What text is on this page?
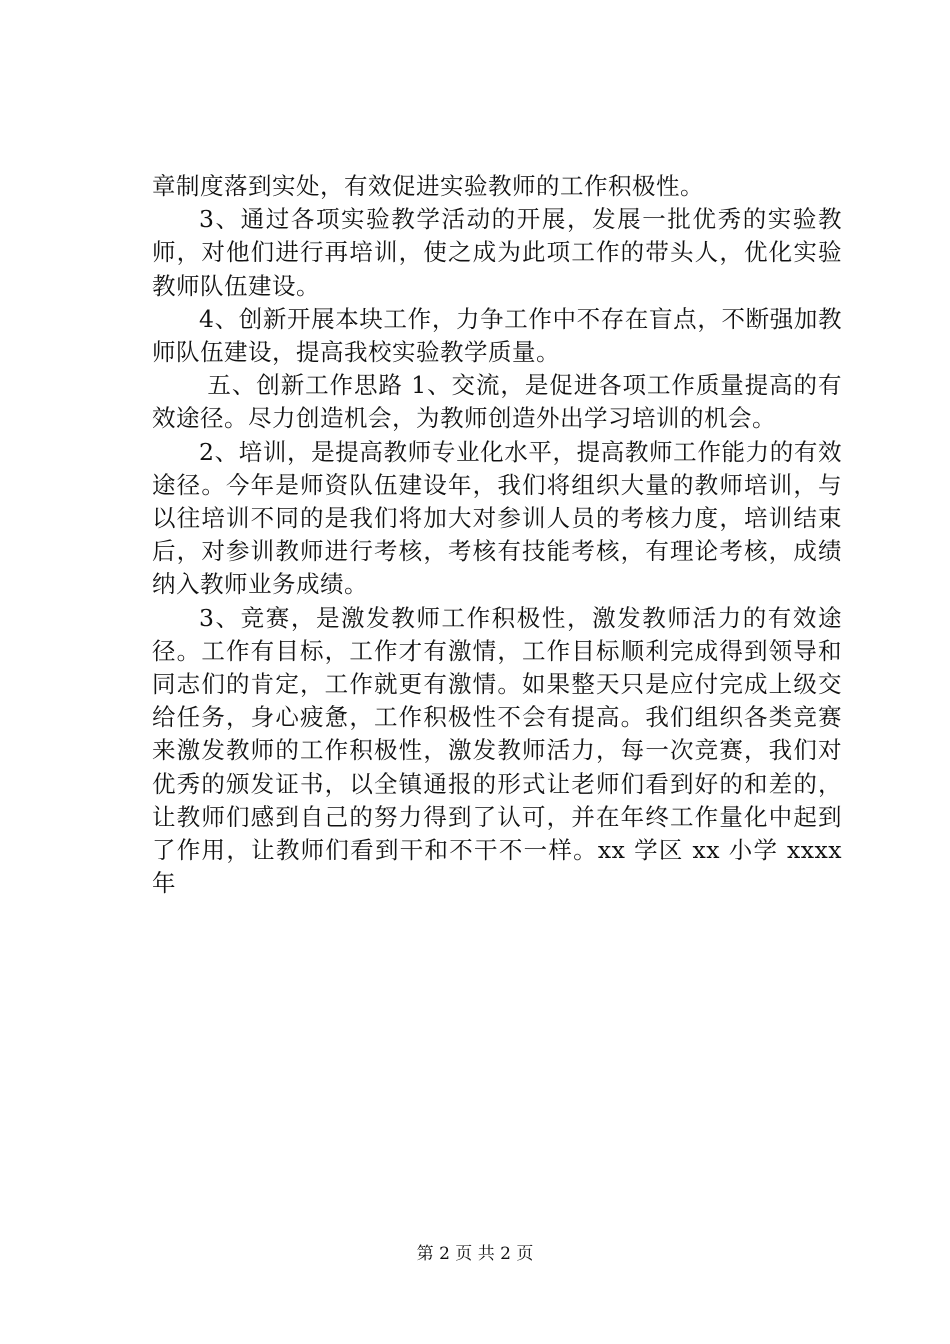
章制度落到实处，有效促进实验教师的工作积极性。

3、通过各项实验教学活动的开展，发展一批优秀的实验教师，对他们进行再培训，使之成为此项工作的带头人，优化实验教师队伍建设。

4、创新开展本块工作，力争工作中不存在盲点，不断强加教师队伍建设，提高我校实验教学质量。

五、创新工作思路 1、交流，是促进各项工作质量提高的有效途径。尽力创造机会，为教师创造外出学习培训的机会。

2、培训，是提高教师专业化水平，提高教师工作能力的有效途径。今年是师资队伍建设年，我们将组织大量的教师培训，与以往培训不同的是我们将加大对参训人员的考核力度，培训结束后，对参训教师进行考核，考核有技能考核，有理论考核，成绩纳入教师业务成绩。

3、竞赛，是激发教师工作积极性，激发教师活力的有效途径。工作有目标，工作才有激情，工作目标顺利完成得到领导和同志们的肯定，工作就更有激情。如果整天只是应付完成上级交给任务，身心疲惫，工作积极性不会有提高。我们组织各类竞赛来激发教师的工作积极性，激发教师活力，每一次竞赛，我们对优秀的颁发证书，以全镇通报的形式让老师们看到好的和差的，让教师们感到自己的努力得到了认可，并在年终工作量化中起到了作用，让教师们看到干和不干不一样。xx 学区 xx 小学 xxxx 年

第 2 页 共 2 页
